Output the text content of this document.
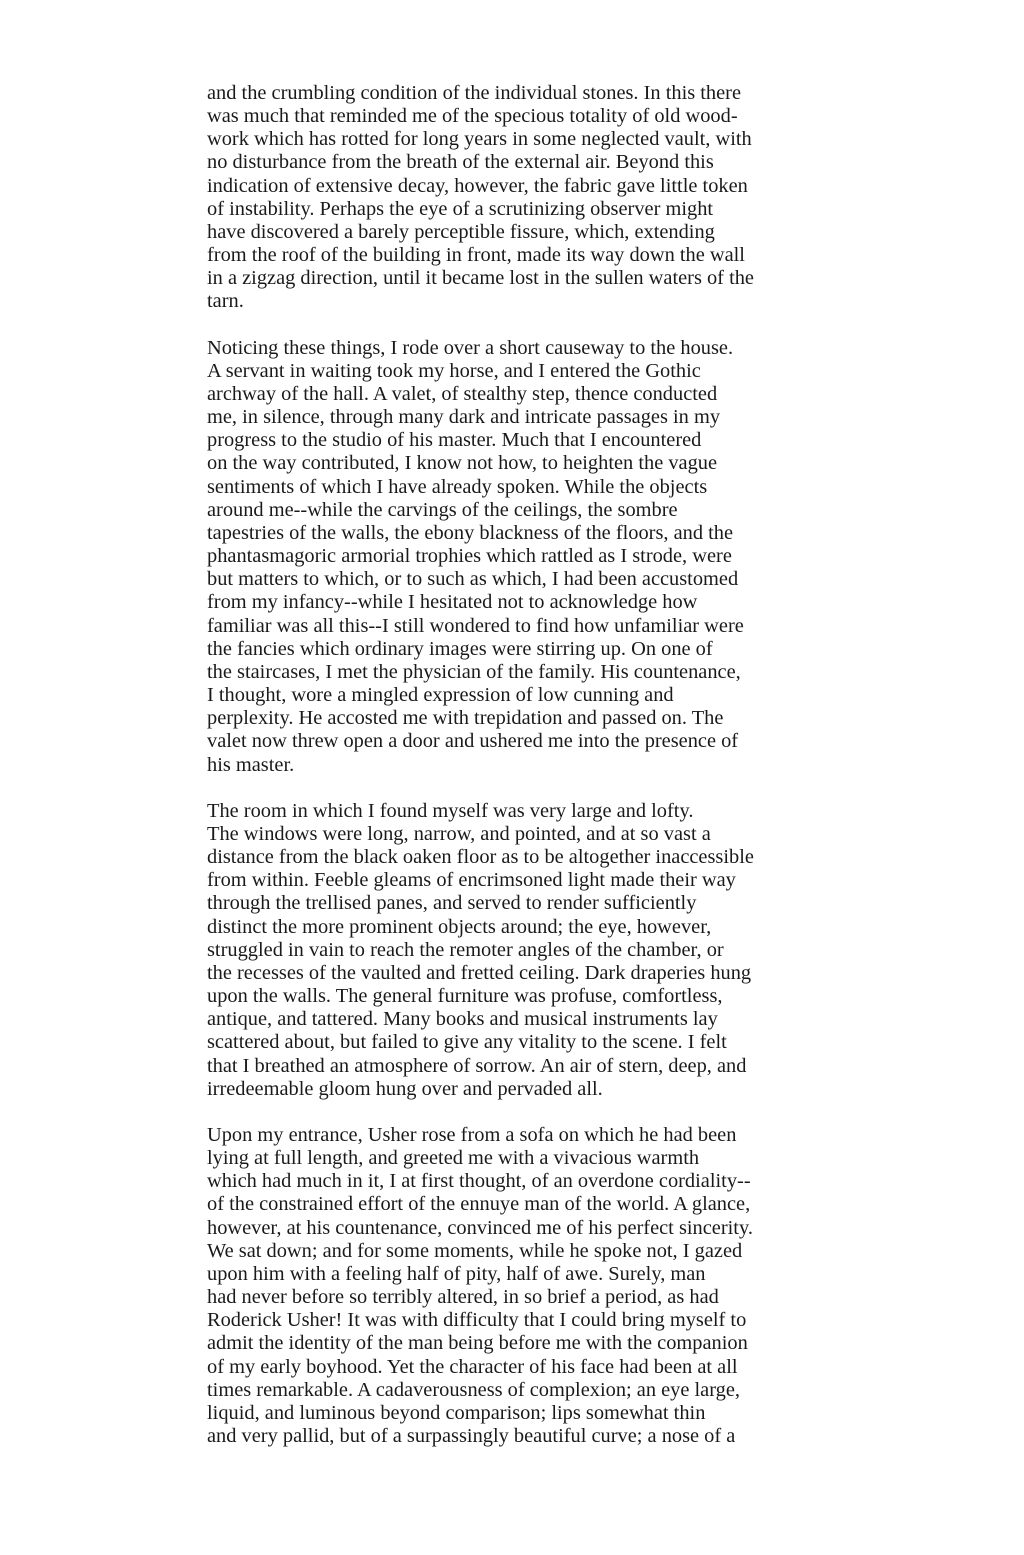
and the crumbling condition of the individual stones. In this there
was much that reminded me of the specious totality of old wood-
work which has rotted for long years in some neglected vault, with
no disturbance from the breath of the external air. Beyond this
indication of extensive decay, however, the fabric gave little token
of instability. Perhaps the eye of a scrutinizing observer might
have discovered a barely perceptible fissure, which, extending
from the roof of the building in front, made its way down the wall
in a zigzag direction, until it became lost in the sullen waters of the
tarn.

Noticing these things, I rode over a short causeway to the house.
A servant in waiting took my horse, and I entered the Gothic
archway of the hall. A valet, of stealthy step, thence conducted
me, in silence, through many dark and intricate passages in my
progress to the studio of his master. Much that I encountered
on the way contributed, I know not how, to heighten the vague
sentiments of which I have already spoken. While the objects
around me--while the carvings of the ceilings, the sombre
tapestries of the walls, the ebony blackness of the floors, and the
phantasmagoric armorial trophies which rattled as I strode, were
but matters to which, or to such as which, I had been accustomed
from my infancy--while I hesitated not to acknowledge how
familiar was all this--I still wondered to find how unfamiliar were
the fancies which ordinary images were stirring up. On one of
the staircases, I met the physician of the family. His countenance,
I thought, wore a mingled expression of low cunning and
perplexity. He accosted me with trepidation and passed on. The
valet now threw open a door and ushered me into the presence of
his master.

The room in which I found myself was very large and lofty.
The windows were long, narrow, and pointed, and at so vast a
distance from the black oaken floor as to be altogether inaccessible
from within. Feeble gleams of encrimsoned light made their way
through the trellised panes, and served to render sufficiently
distinct the more prominent objects around; the eye, however,
struggled in vain to reach the remoter angles of the chamber, or
the recesses of the vaulted and fretted ceiling. Dark draperies hung
upon the walls. The general furniture was profuse, comfortless,
antique, and tattered. Many books and musical instruments lay
scattered about, but failed to give any vitality to the scene. I felt
that I breathed an atmosphere of sorrow. An air of stern, deep, and
irredeemable gloom hung over and pervaded all.

Upon my entrance, Usher rose from a sofa on which he had been
lying at full length, and greeted me with a vivacious warmth
which had much in it, I at first thought, of an overdone cordiality--
of the constrained effort of the ennuye man of the world. A glance,
however, at his countenance, convinced me of his perfect sincerity.
We sat down; and for some moments, while he spoke not, I gazed
upon him with a feeling half of pity, half of awe. Surely, man
had never before so terribly altered, in so brief a period, as had
Roderick Usher! It was with difficulty that I could bring myself to
admit the identity of the man being before me with the companion
of my early boyhood. Yet the character of his face had been at all
times remarkable. A cadaverousness of complexion; an eye large,
liquid, and luminous beyond comparison; lips somewhat thin
and very pallid, but of a surpassingly beautiful curve; a nose of a
